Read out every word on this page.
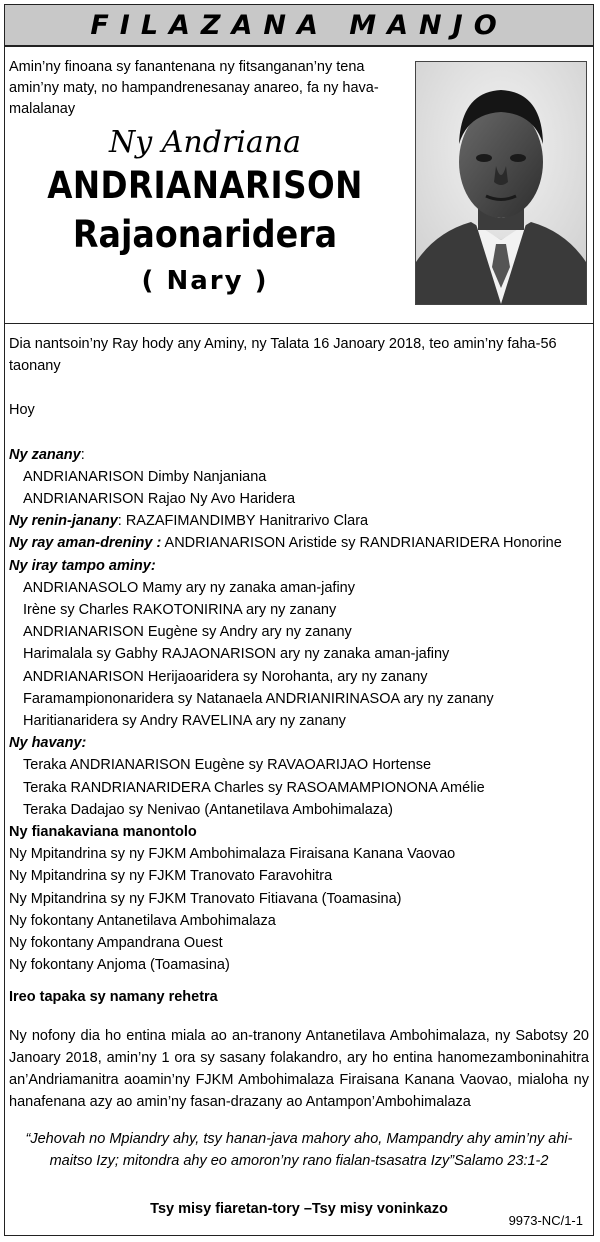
FILAZANA MANJO
Amin’ny finoana sy fanantenana ny fitsanganan’ny tena amin’ny maty, no hampandrenesanay anareo, fa ny hava-malalanay
Ny Andriana
ANDRIANARISON
Rajaonaridera
( Nary )

Dia nantsoin’ny Ray hody any Aminy, ny Talata 16 Janoary 2018, teo amin’ny faha-56 taonany

Hoy

Ny zanany:

ANDRIANARISON Dimby Nanjaniana

ANDRIANARISON Rajao Ny Avo Haridera

Ny renin-janany: RAZAFIMANDIMBY Hanitrarivo Clara

Ny ray aman-dreniny : ANDRIANARISON Aristide sy RANDRIANARIDERA Honorine

Ny iray tampo aminy:

ANDRIANASOLO Mamy ary ny zanaka aman-jafiny

Irène sy Charles RAKOTONIRINA ary ny zanany

ANDRIANARISON Eugène sy Andry ary ny zanany

Harimalala sy Gabhy RAJAONARISON ary ny zanaka aman-jafiny

ANDRIANARISON Herijaoaridera sy Norohanta, ary ny zanany

Faramampiononaridera sy Natanaela ANDRIANIRINASOA ary ny zanany

Haritianaridera sy Andry RAVELINA ary ny zanany

Ny havany:

Teraka ANDRIANARISON Eugène sy RAVAOARIJAO Hortense

Teraka RANDRIANARIDERA Charles sy RASOAMAMPIONONA Amélie

Teraka Dadajao sy Nenivao (Antanetilava Ambohimalaza)

Ny fianakaviana manontolo

Ny Mpitandrina sy ny FJKM Ambohimalaza Firaisana Kanana Vaovao

Ny Mpitandrina sy ny FJKM Tranovato Faravohitra

Ny Mpitandrina sy ny FJKM Tranovato Fitiavana (Toamasina)

Ny fokontany Antanetilava Ambohimalaza

Ny fokontany Ampandrana Ouest

Ny fokontany Anjoma (Toamasina)

Ireo tapaka sy namany rehetra

Ny nofony dia ho entina miala ao an-tranony Antanetilava Ambohimalaza, ny Sabotsy 20 Janoary 2018, amin’ny 1 ora sy sasany folakandro, ary ho entina hanomezamboninahitra an’Andriamanitra aoamin’ny FJKM Ambohimalaza Firaisana Kanana Vaovao, mialoha ny hanafenana azy ao amin’ny fasan-drazany ao Antampon’Ambohimalaza

“Jehovah no Mpiandry ahy, tsy hanan-java mahory aho, Mampandry ahy amin’ny ahi-maitso Izy; mitondra ahy eo amoron’ny rano fialan-tsasatra Izy”Salamo 23:1-2

Tsy misy fiaretan-tory –Tsy misy voninkazo
9973-NC/1-1
